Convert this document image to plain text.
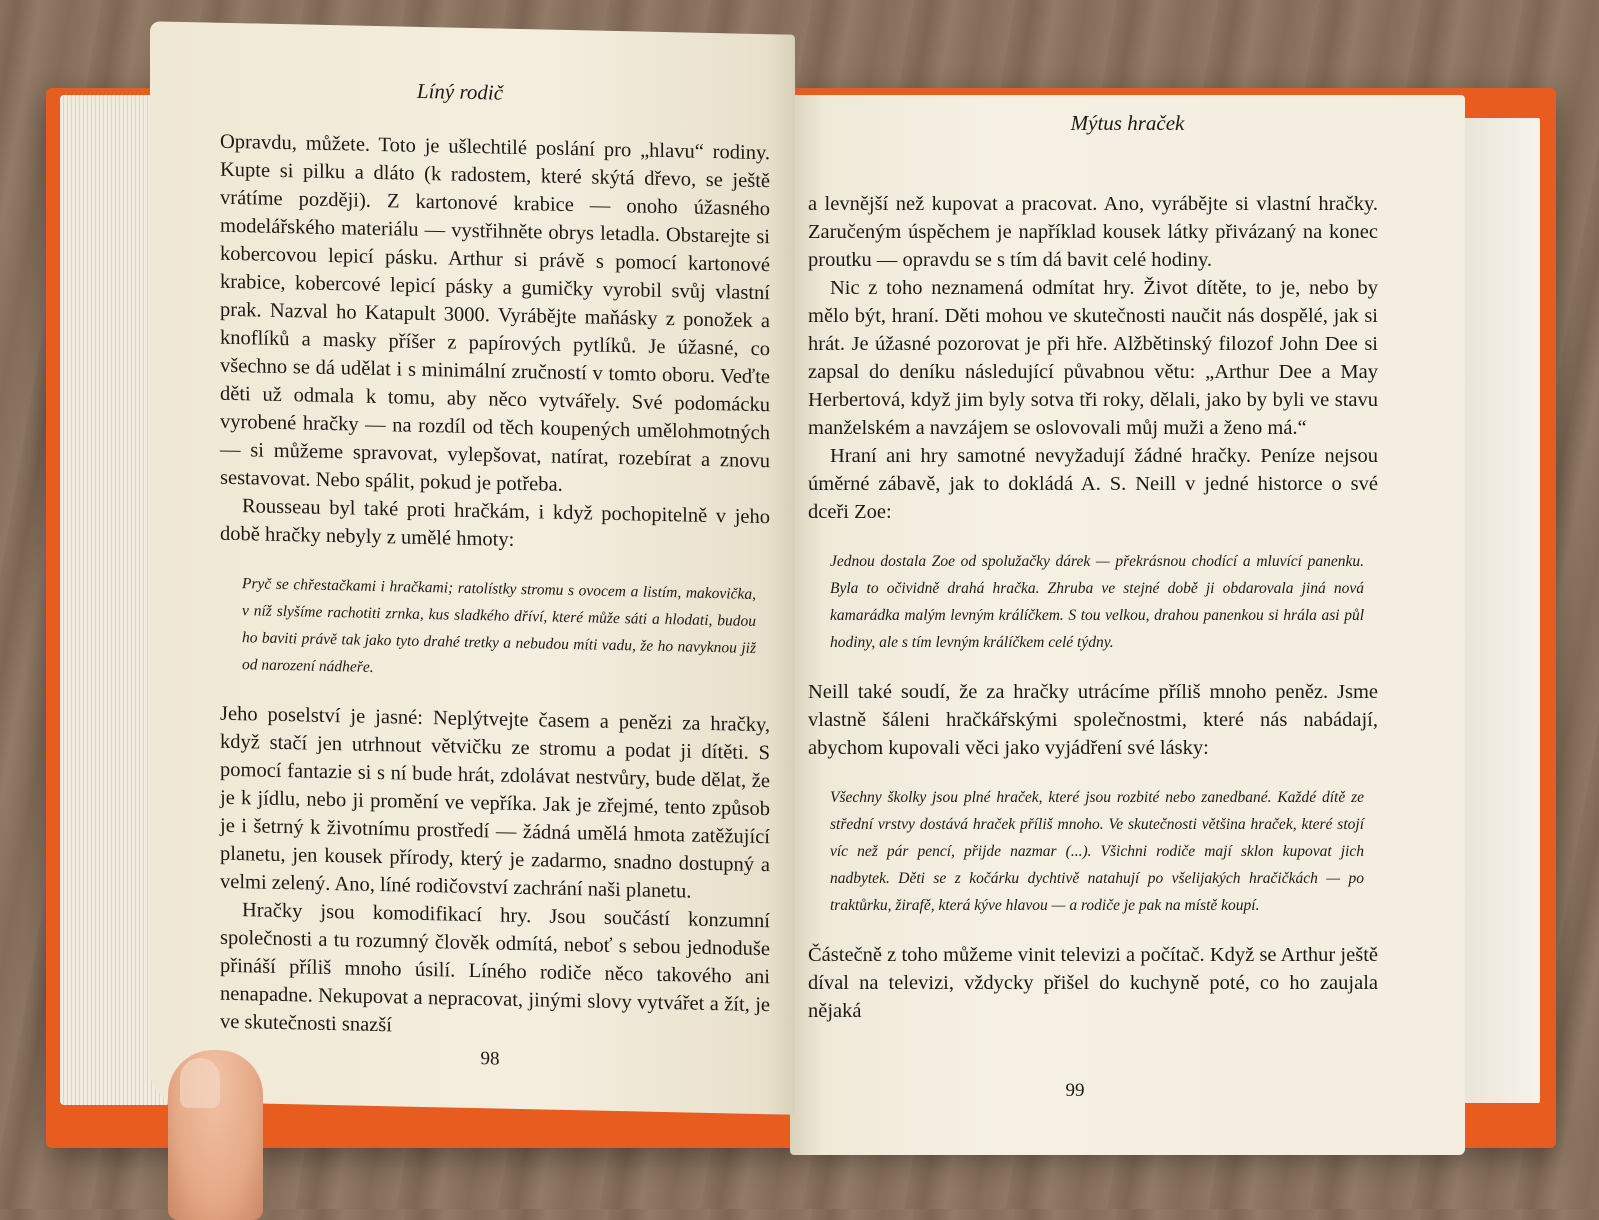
Mýtus hraček

a levnější než kupovat a pracovat. Ano, vyrábějte si vlastní hračky. Zaručeným úspěchem je například kousek látky přivázaný na konec proutku — opravdu se s tím dá bavit celé hodiny.

Nic z toho neznamená odmítat hry. Život dítěte, to je, nebo by mělo být, hraní. Děti mohou ve skutečnosti naučit nás dospělé, jak si hrát. Je úžasné pozorovat je při hře. Alžbětinský filozof John Dee si zapsal do deníku následující půvabnou větu: „Arthur Dee a May Herbertová, když jim byly sotva tři roky, dělali, jako by byli ve stavu manželském a navzájem se oslovovali můj muži a ženo má.“

Hraní ani hry samotné nevyžadují žádné hračky. Peníze nejsou úměrné zábavě, jak to dokládá A. S. Neill v jedné historce o své dceři Zoe:

Jednou dostala Zoe od spolužačky dárek — překrásnou chodící a mluvící panenku. Byla to očividně drahá hračka. Zhruba ve stejné době ji obdarovala jiná nová kamarádka malým levným králíčkem. S tou velkou, drahou panenkou si hrála asi půl hodiny, ale s tím levným králíčkem celé týdny.

Neill také soudí, že za hračky utrácíme příliš mnoho peněz. Jsme vlastně šáleni hračkářskými společnostmi, které nás nabádají, abychom kupovali věci jako vyjádření své lásky:

Všechny školky jsou plné hraček, které jsou rozbité nebo zanedbané. Každé dítě ze střední vrstvy dostává hraček příliš mnoho. Ve skutečnosti většina hraček, které stojí víc než pár pencí, přijde nazmar (...). Všichni rodiče mají sklon kupovat jich nadbytek. Děti se z kočárku dychtivě natahují po všelijakých hračičkách — po traktůrku, žirafě, která kýve hlavou — a rodiče je pak na místě koupí.

Částečně z toho můžeme vinit televizi a počítač. Když se Arthur ještě díval na televizi, vždycky přišel do kuchyně poté, co ho zaujala nějaká

99
Líný rodič

Opravdu, můžete. Toto je ušlechtilé poslání pro „hlavu“ rodiny. Kupte si pilku a dláto (k radostem, které skýtá dřevo, se ještě vrátíme později). Z kartonové krabice — onoho úžasného modelářského materiálu — vystřihněte obrys letadla. Obstarejte si kobercovou lepicí pásku. Arthur si právě s pomocí kartonové krabice, kobercové lepicí pásky a gumičky vyrobil svůj vlastní prak. Nazval ho Katapult 3000. Vyrábějte maňásky z ponožek a knoflíků a masky příšer z papírových pytlíků. Je úžasné, co všechno se dá udělat i s minimální zručností v tomto oboru. Veďte děti už odmala k tomu, aby něco vytvářely. Své podomácku vyrobené hračky — na rozdíl od těch koupených umělohmotných — si můžeme spravovat, vylepšovat, natírat, rozebírat a znovu sestavovat. Nebo spálit, pokud je potřeba.

Rousseau byl také proti hračkám, i když pochopitelně v jeho době hračky nebyly z umělé hmoty:

Pryč se chřestačkami i hračkami; ratolístky stromu s ovocem a listím, makovička, v níž slyšíme rachotiti zrnka, kus sladkého dříví, které může sáti a hlodati, budou ho baviti právě tak jako tyto drahé tretky a nebudou míti vadu, že ho navyknou již od narození nádheře.

Jeho poselství je jasné: Neplýtvejte časem a penězi za hračky, když stačí jen utrhnout větvičku ze stromu a podat ji dítěti. S pomocí fantazie si s ní bude hrát, zdolávat nestvůry, bude dělat, že je k jídlu, nebo ji promění ve vepříka. Jak je zřejmé, tento způsob je i šetrný k životnímu prostředí — žádná umělá hmota zatěžující planetu, jen kousek přírody, který je zadarmo, snadno dostupný a velmi zelený. Ano, líné rodičovství zachrání naši planetu.

Hračky jsou komodifikací hry. Jsou součástí konzumní společnosti a tu rozumný člověk odmítá, neboť s sebou jednoduše přináší příliš mnoho úsilí. Líného rodiče něco takového ani nenapadne. Nekupovat a nepracovat, jinými slovy vytvářet a žít, je ve skutečnosti snazší

98
